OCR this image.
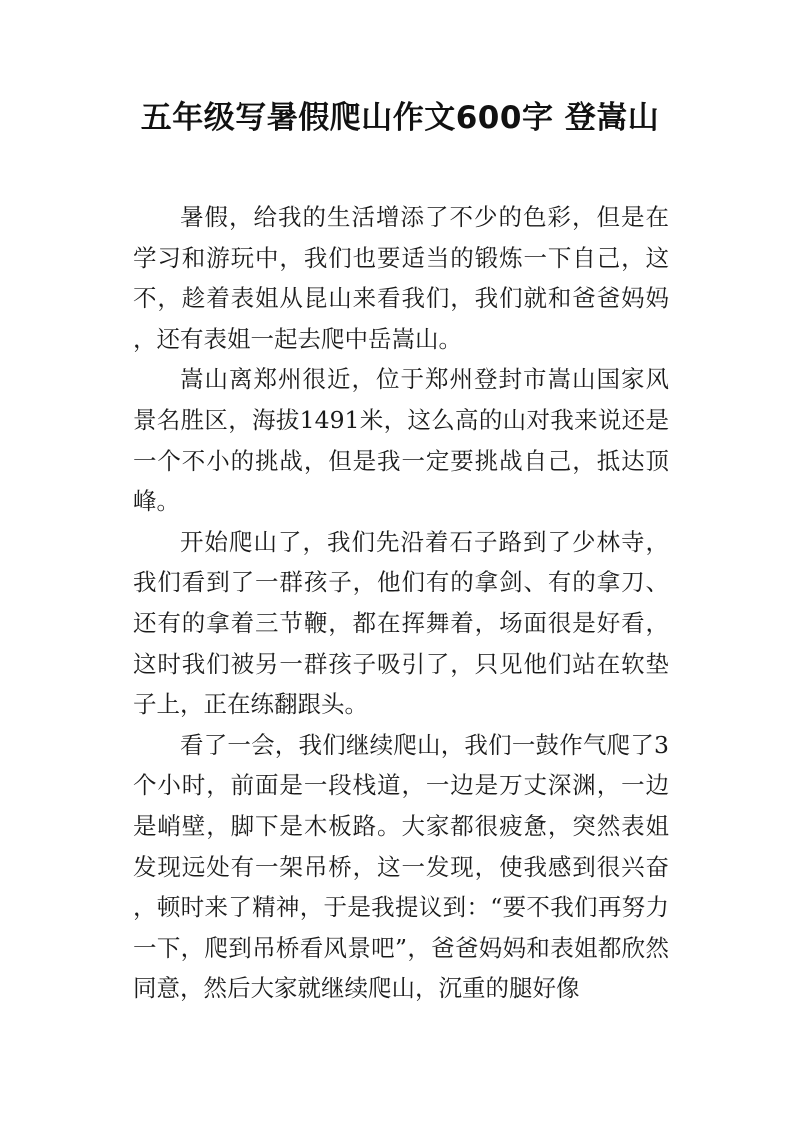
五年级写暑假爬山作文600字 登嵩山

暑假，给我的生活增添了不少的色彩，但是在学习和游玩中，我们也要适当的锻炼一下自己，这不，趁着表姐从昆山来看我们，我们就和爸爸妈妈，还有表姐一起去爬中岳嵩山。

嵩山离郑州很近，位于郑州登封市嵩山国家风景名胜区，海拔1491米，这么高的山对我来说还是一个不小的挑战，但是我一定要挑战自己，抵达顶峰。

开始爬山了，我们先沿着石子路到了少林寺，我们看到了一群孩子，他们有的拿剑、有的拿刀、还有的拿着三节鞭，都在挥舞着，场面很是好看，这时我们被另一群孩子吸引了，只见他们站在软垫子上，正在练翻跟头。

看了一会，我们继续爬山，我们一鼓作气爬了3个小时，前面是一段栈道，一边是万丈深渊，一边是峭壁，脚下是木板路。大家都很疲惫，突然表姐发现远处有一架吊桥，这一发现，使我感到很兴奋，顿时来了精神，于是我提议到：“要不我们再努力一下，爬到吊桥看风景吧”，爸爸妈妈和表姐都欣然同意，然后大家就继续爬山，沉重的腿好像
